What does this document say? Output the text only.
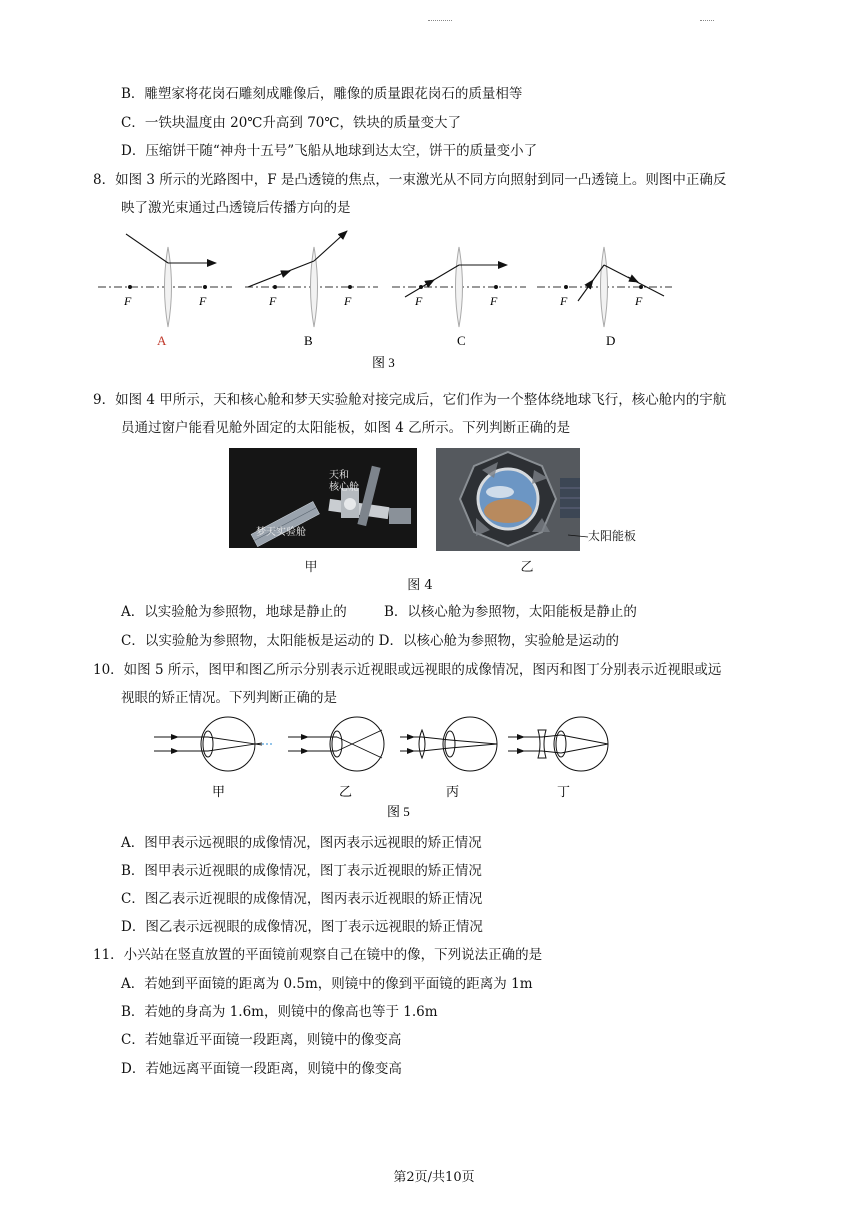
B．雕塑家将花岗石雕刻成雕像后，雕像的质量跟花岗石的质量相等
C．一铁块温度由 20℃升高到 70℃，铁块的质量变大了
D．压缩饼干随“神舟十五号”飞船从地球到达太空，饼干的质量变小了
8．如图 3 所示的光路图中，F 是凸透镜的焦点，一束激光从不同方向照射到同一凸透镜上。则图中正确反
映了激光束通过凸透镜后传播方向的是
F	F
A
F	F
B
F	F
C
F	F
D
图 3
9．如图 4 甲所示，天和核心舱和梦天实验舱对接完成后，它们作为一个整体绕地球飞行，核心舱内的宇航
员通过窗户能看见舱外固定的太阳能板，如图 4 乙所示。下列判断正确的是
天和
核心舱
梦天实验舱
甲
太阳能板
乙
图 4
A．以实验舱为参照物，地球是静止的	B．以核心舱为参照物，太阳能板是静止的
C．以实验舱为参照物，太阳能板是运动的 D．以核心舱为参照物，实验舱是运动的
10．如图 5 所示，图甲和图乙所示分别表示近视眼或远视眼的成像情况，图丙和图丁分别表示近视眼或远
视眼的矫正情况。下列判断正确的是
甲	乙	丙	丁
图 5
A．图甲表示远视眼的成像情况，图丙表示远视眼的矫正情况
B．图甲表示近视眼的成像情况，图丁表示近视眼的矫正情况
C．图乙表示近视眼的成像情况，图丙表示近视眼的矫正情况
D．图乙表示远视眼的成像情况，图丁表示远视眼的矫正情况
11．小兴站在竖直放置的平面镜前观察自己在镜中的像，下列说法正确的是
A．若她到平面镜的距离为 0.5m，则镜中的像到平面镜的距离为 1m
B．若她的身高为 1.6m，则镜中的像高也等于 1.6m
C．若她靠近平面镜一段距离，则镜中的像变高
D．若她远离平面镜一段距离，则镜中的像变高
第2页/共10页
